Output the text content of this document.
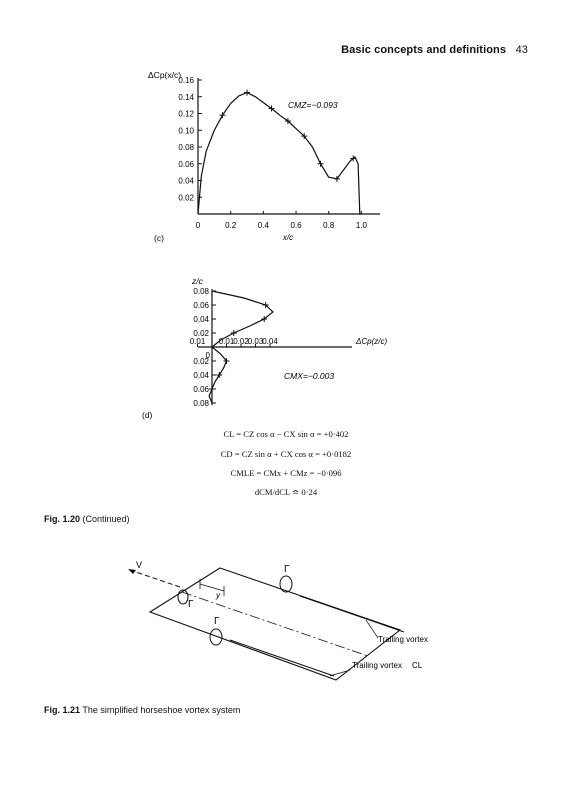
Basic concepts and definitions 43
0.02
0.04
0.06
0.08
0.10
0.12
0.14
0.16
0	0.2	0.4	0.6	0.8	1.0
ΔCp(x/c)
x/c
CMZ=−0.093
(c)
0.02
0.04
0.06
0.08
0.02
0.04
0.06
0.08
0.01 0.01
0.02
0.03
0.04
0
z/c
ΔCp(z/c)
CMX=−0.003
(d)
CL = CZ cos α − CX sin α = +0·402
CD = CZ sin α + CX cos α = +0·0182
CMLE = CMx + CMz = −0·096
dCM/dCL ≏ 0·24
Fig. 1.20 (Continued)
V
y
Γ
Γ
Γ
Trailing vortex
Trailing vortex CL
Fig. 1.21 The simplified horseshoe vortex system
